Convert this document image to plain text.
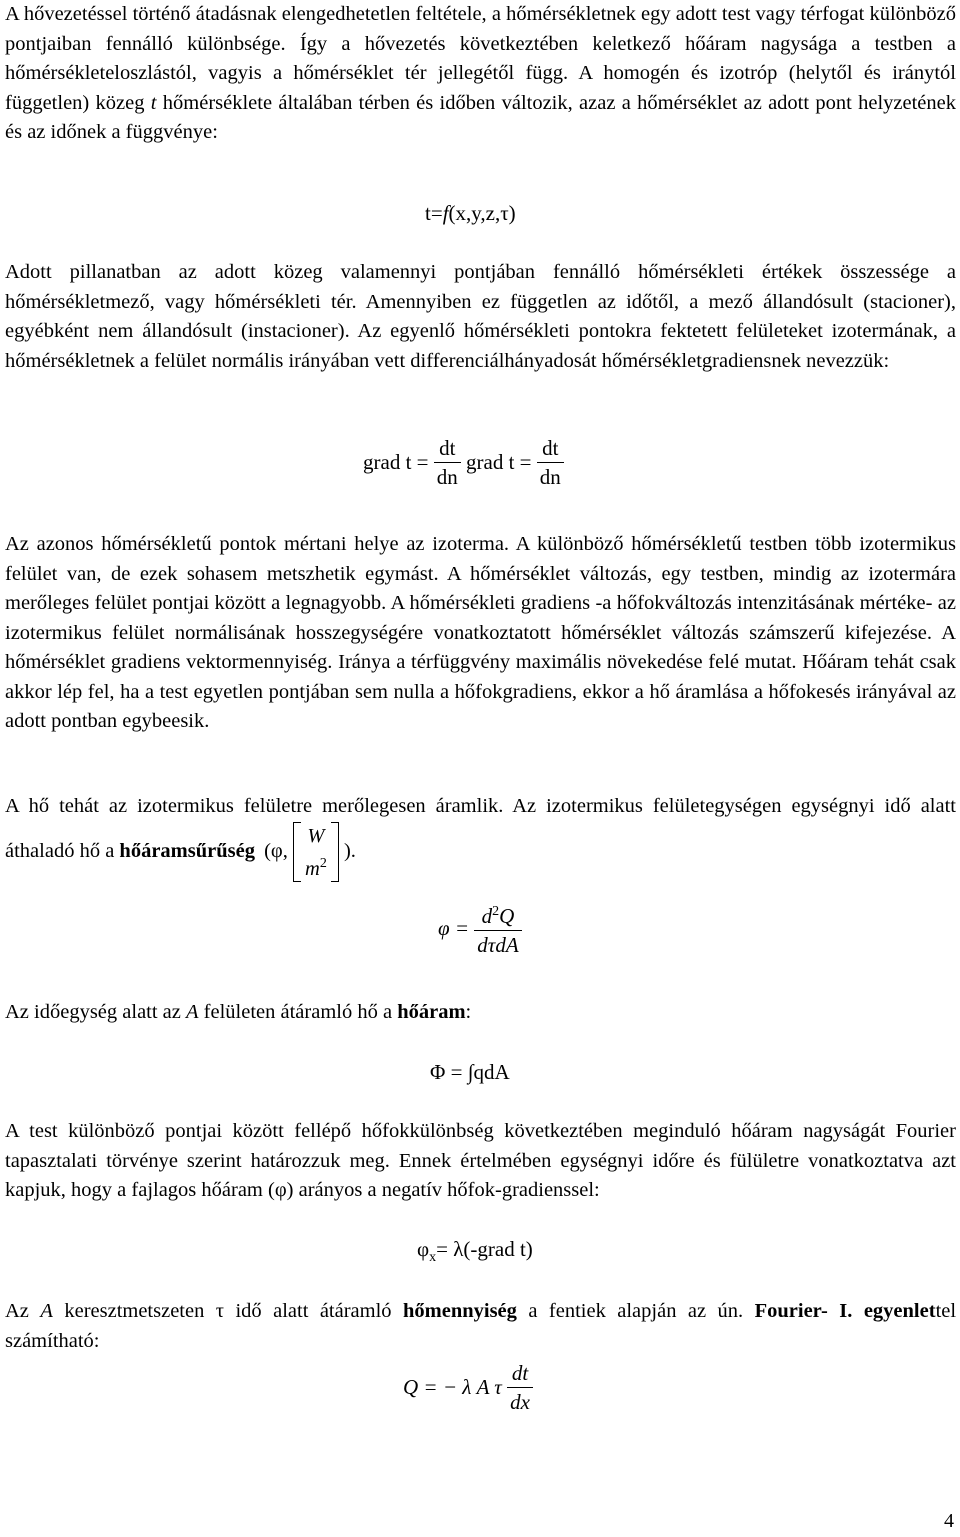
A hővezetéssel történő átadásnak elengedhetetlen feltétele, a hőmérsékletnek egy adott test vagy térfogat különböző pontjaiban fennálló különbsége. Így a hővezetés következtében keletkező hőáram nagysága a testben a hőmérsékleteloszlástól, vagyis a hőmérséklet tér jellegétől függ. A homogén és izotróp (helytől és iránytól független) közeg t hőmérséklete általában térben és időben változik, azaz a hőmérséklet az adott pont helyzetének és az időnek a függvénye:

t=f(x,y,z,τ)

Adott pillanatban az adott közeg valamennyi pontjában fennálló hőmérsékleti értékek összessége a hőmérsékletmező, vagy hőmérsékleti tér. Amennyiben ez független az időtől, a mező állandósult (stacioner), egyébként nem állandósult (instacioner). Az egyenlő hőmérsékleti pontokra fektetett felületeket izotermának, a hőmérsékletnek a felület normális irányában vett differenciálhányadosát hőmérsékletgradiensnek nevezzük:

grad $t = \frac{dt}{dn}$ grad $t = \frac{dt}{dn}$

Az azonos hőmérsékletű pontok mértani helye az izoterma. A különböző hőmérsékletű testben több izotermikus felület van, de ezek sohasem metszhetik egymást. A hőmérséklet változás, egy testben, mindig az izotermára merőleges felület pontjai között a legnagyobb. A hőmérsékleti gradiens -a hőfokváltozás intenzitásának mértéke- az izotermikus felület normálisának hosszegységére vonatkoztatott hőmérséklet változás számszerű kifejezése. A hőmérséklet gradiens vektormennyiség. Iránya a térfüggvény maximális növekedése felé mutat. Hőáram tehát csak akkor lép fel, ha a test egyetlen pontjában sem nulla a hőfokgradiens, ekkor a hő áramlása a hőfokesés irányával az adott pontban egybeesik.

A hő tehát az izotermikus felületre merőlegesen áramlik. Az izotermikus felületegységen egységnyi idő alatt áthaladó hő a hőáramsűrűség (φ,
W
$m^2$
).

$\varphi = \frac{d^2Q}{\text{dτdA}}$

Az időegység alatt az A felületen átáramló hő a hőáram:

Φ = ∫qdA

A test különböző pontjai között fellépő hőfokkülönbség következtében meginduló hőáram nagyságát Fourier tapasztalati törvénye szerint határozzuk meg. Ennek értelmében egységnyi időre és fülületre vonatkoztatva azt kapjuk, hogy a fajlagos hőáram (φ) arányos a negatív hőfok-gradienssel:

$\varphi_x=$ λ(-grad t)

Az A keresztmetszeten τ idő alatt átáramló hőmennyiség a fentiek alapján az ún. Fourier- I. egyenlettel számítható:

Q = − λ A τ $\frac{dt}{dx}$
4
